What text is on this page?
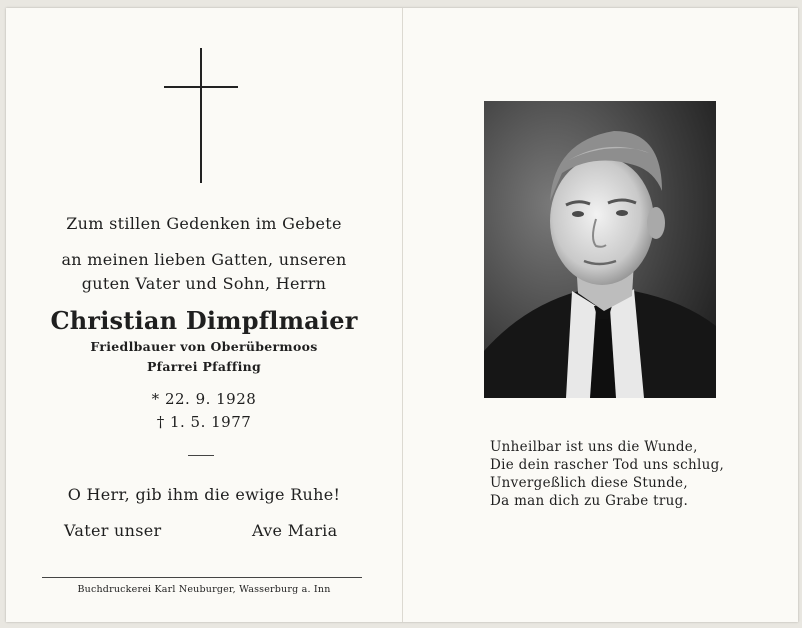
Zum stillen Gedenken im Gebete
an meinen lieben Gatten, unseren
guten Vater und Sohn, Herrn
Christian Dimpflmaier
Friedlbauer von Oberübermoos
Pfarrei Pfaffing
* 22. 9. 1928
† 1. 5. 1977
O Herr, gib ihm die ewige Ruhe!
Vater unser	Ave Maria
Buchdruckerei Karl Neuburger, Wasserburg a. Inn
Unheilbar ist uns die Wunde,
Die dein rascher Tod uns schlug,
Unvergeßlich diese Stunde,
Da man dich zu Grabe trug.
